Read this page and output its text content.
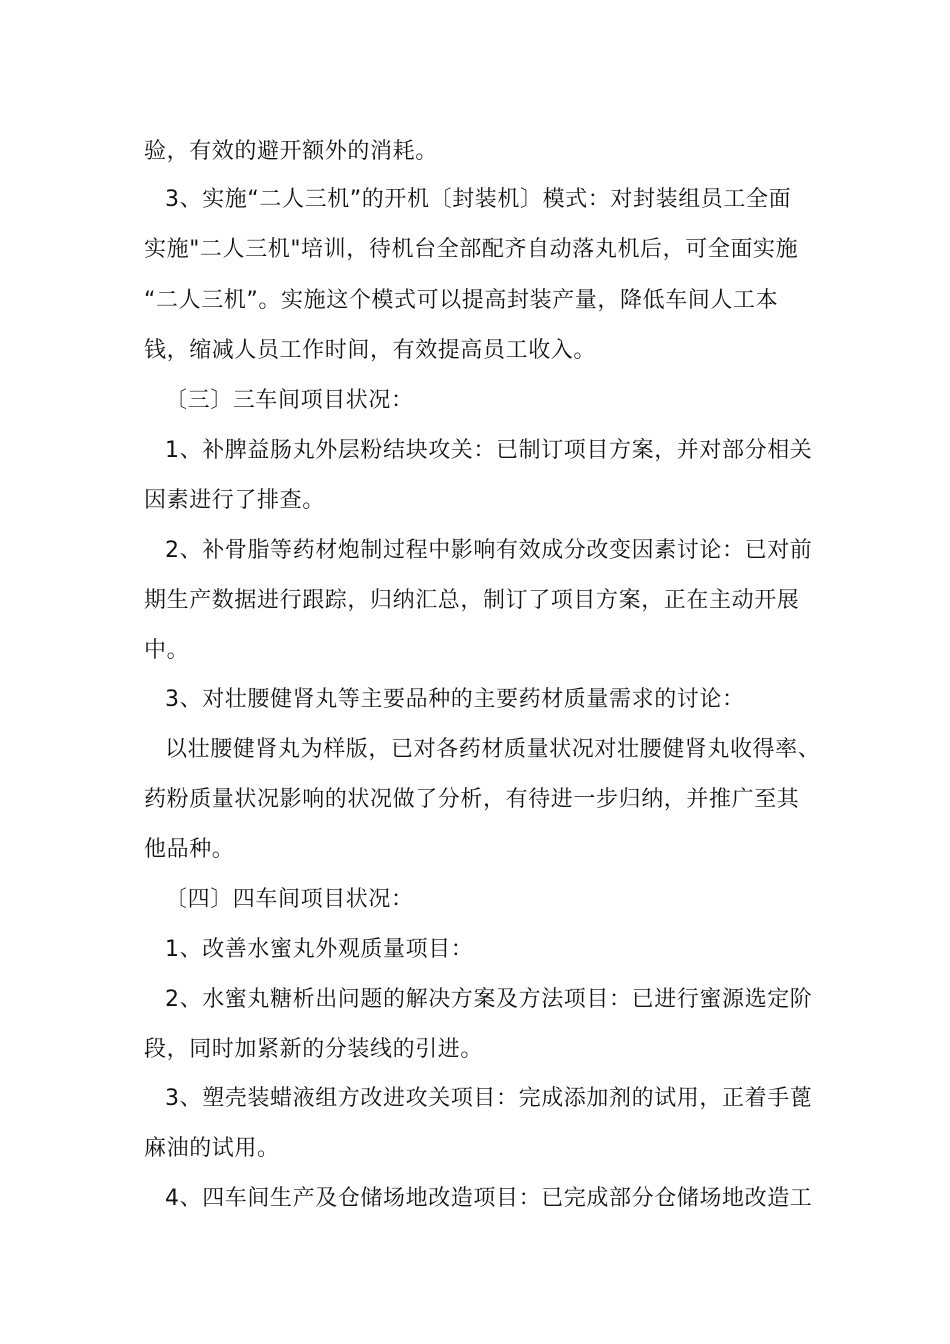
验，有效的避开额外的消耗。
3、实施“二人三机”的开机〔封装机〕模式：对封装组员工全面
实施"二人三机"培训，待机台全部配齐自动落丸机后，可全面实施
“二人三机”。实施这个模式可以提高封装产量，降低车间人工本
钱，缩减人员工作时间，有效提高员工收入。
〔三〕三车间项目状况：
1、补脾益肠丸外层粉结块攻关：已制订项目方案，并对部分相关
因素进行了排查。
2、补骨脂等药材炮制过程中影响有效成分改变因素讨论：已对前
期生产数据进行跟踪，归纳汇总，制订了项目方案，正在主动开展
中。
3、对壮腰健肾丸等主要品种的主要药材质量需求的讨论：
以壮腰健肾丸为样版，已对各药材质量状况对壮腰健肾丸收得率、
药粉质量状况影响的状况做了分析，有待进一步归纳，并推广至其
他品种。
〔四〕四车间项目状况：
1、改善水蜜丸外观质量项目：
2、水蜜丸糖析出问题的解决方案及方法项目：已进行蜜源选定阶
段，同时加紧新的分装线的引进。
3、塑壳装蜡液组方改进攻关项目：完成添加剂的试用，正着手蓖
麻油的试用。
4、四车间生产及仓储场地改造项目：已完成部分仓储场地改造工
